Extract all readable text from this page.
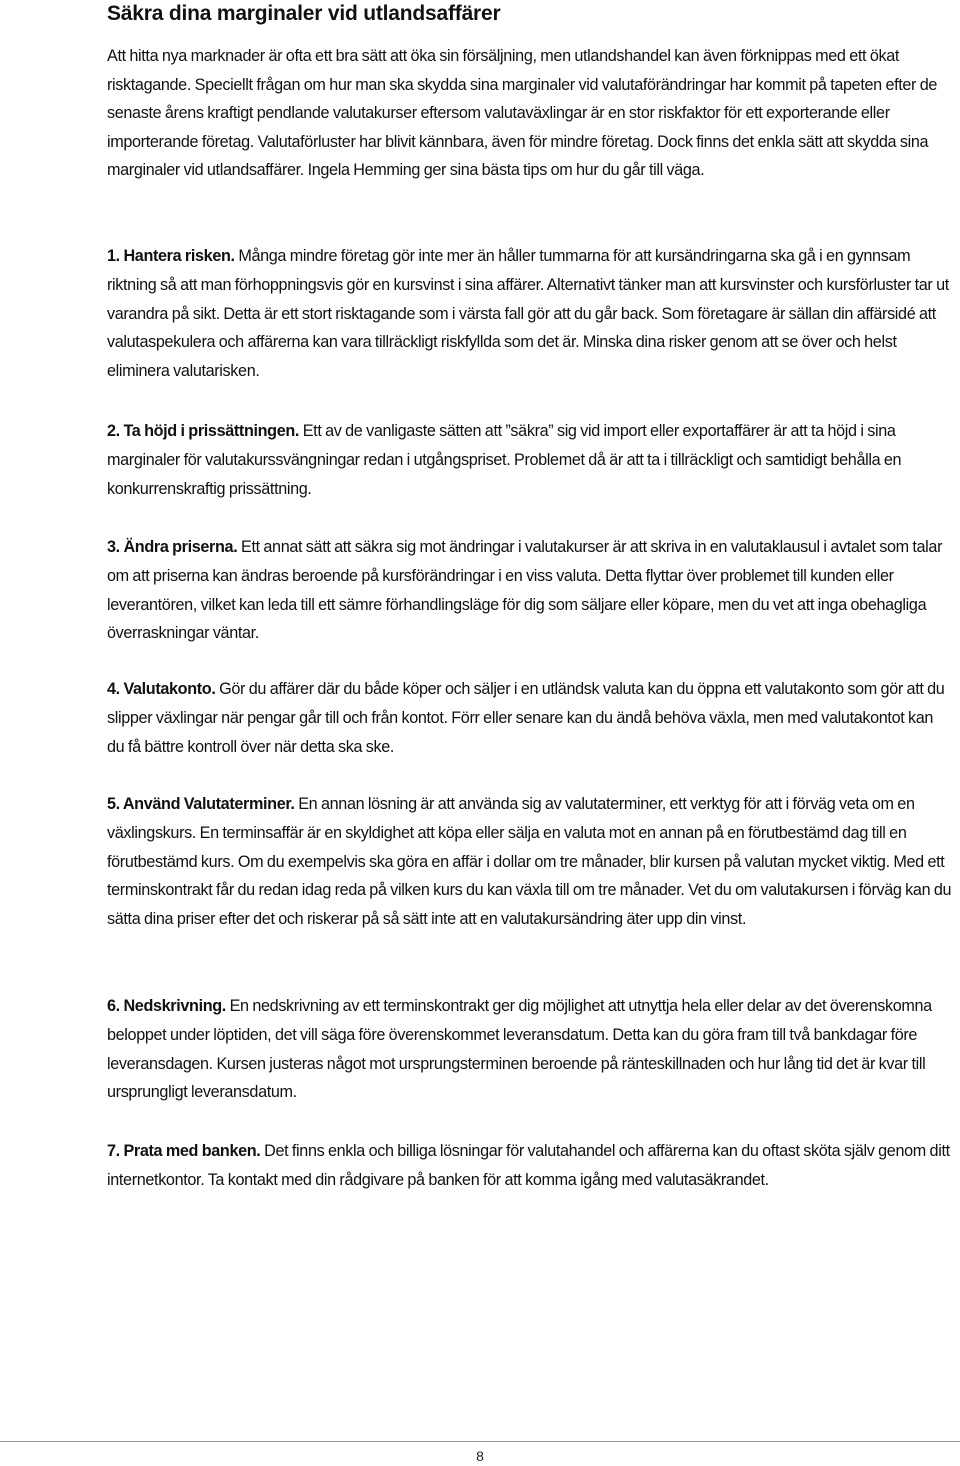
Säkra dina marginaler vid utlandsaffärer

Att hitta nya marknader är ofta ett bra sätt att öka sin försäljning, men utlandshandel kan även förknippas med ett ökat risktagande. Speciellt frågan om hur man ska skydda sina marginaler vid valutaförändringar har kommit på tapeten efter de senaste årens kraftigt pendlande valutakurser eftersom valutaväxlingar är en stor riskfaktor för ett exporterande eller importerande företag. Valutaförluster har blivit kännbara, även för mindre företag. Dock finns det enkla sätt att skydda sina marginaler vid utlandsaffärer. Ingela Hemming ger sina bästa tips om hur du går till väga.

1. Hantera risken. Många mindre företag gör inte mer än håller tummarna för att kursändringarna ska gå i en gynnsam riktning så att man förhoppningsvis gör en kursvinst i sina affärer. Alternativt tänker man att kursvinster och kursförluster tar ut varandra på sikt. Detta är ett stort risktagande som i värsta fall gör att du går back. Som företagare är sällan din affärsidé att valutaspekulera och affärerna kan vara tillräckligt riskfyllda som det är. Minska dina risker genom att se över och helst eliminera valutarisken.

2. Ta höjd i prissättningen. Ett av de vanligaste sätten att ”säkra” sig vid import eller exportaffärer är att ta höjd i sina marginaler för valutakurssvängningar redan i utgångspriset. Problemet då är att ta i tillräckligt och samtidigt behålla en konkurrenskraftig prissättning.

3. Ändra priserna. Ett annat sätt att säkra sig mot ändringar i valutakurser är att skriva in en valutaklausul i avtalet som talar om att priserna kan ändras beroende på kursförändringar i en viss valuta. Detta flyttar över problemet till kunden eller leverantören, vilket kan leda till ett sämre förhandlingsläge för dig som säljare eller köpare, men du vet att inga obehagliga överraskningar väntar.

4. Valutakonto. Gör du affärer där du både köper och säljer i en utländsk valuta kan du öppna ett valutakonto som gör att du slipper växlingar när pengar går till och från kontot. Förr eller senare kan du ändå behöva växla, men med valutakontot kan du få bättre kontroll över när detta ska ske.

5. Använd Valutaterminer. En annan lösning är att använda sig av valutaterminer, ett verktyg för att i förväg veta om en växlingskurs. En terminsaffär är en skyldighet att köpa eller sälja en valuta mot en annan på en förutbestämd dag till en förutbestämd kurs. Om du exempelvis ska göra en affär i dollar om tre månader, blir kursen på valutan mycket viktig. Med ett terminskontrakt får du redan idag reda på vilken kurs du kan växla till om tre månader. Vet du om valutakursen i förväg kan du sätta dina priser efter det och riskerar på så sätt inte att en valutakursändring äter upp din vinst.

6. Nedskrivning. En nedskrivning av ett terminskontrakt ger dig möjlighet att utnyttja hela eller delar av det överenskomna beloppet under löptiden, det vill säga före överenskommet leveransdatum. Detta kan du göra fram till två bankdagar före leveransdagen. Kursen justeras något mot ursprungsterminen beroende på ränteskillnaden och hur lång tid det är kvar till ursprungligt leveransdatum.

7. Prata med banken. Det finns enkla och billiga lösningar för valutahandel och affärerna kan du oftast sköta själv genom ditt internetkontor. Ta kontakt med din rådgivare på banken för att komma igång med valutasäkrandet.

8
